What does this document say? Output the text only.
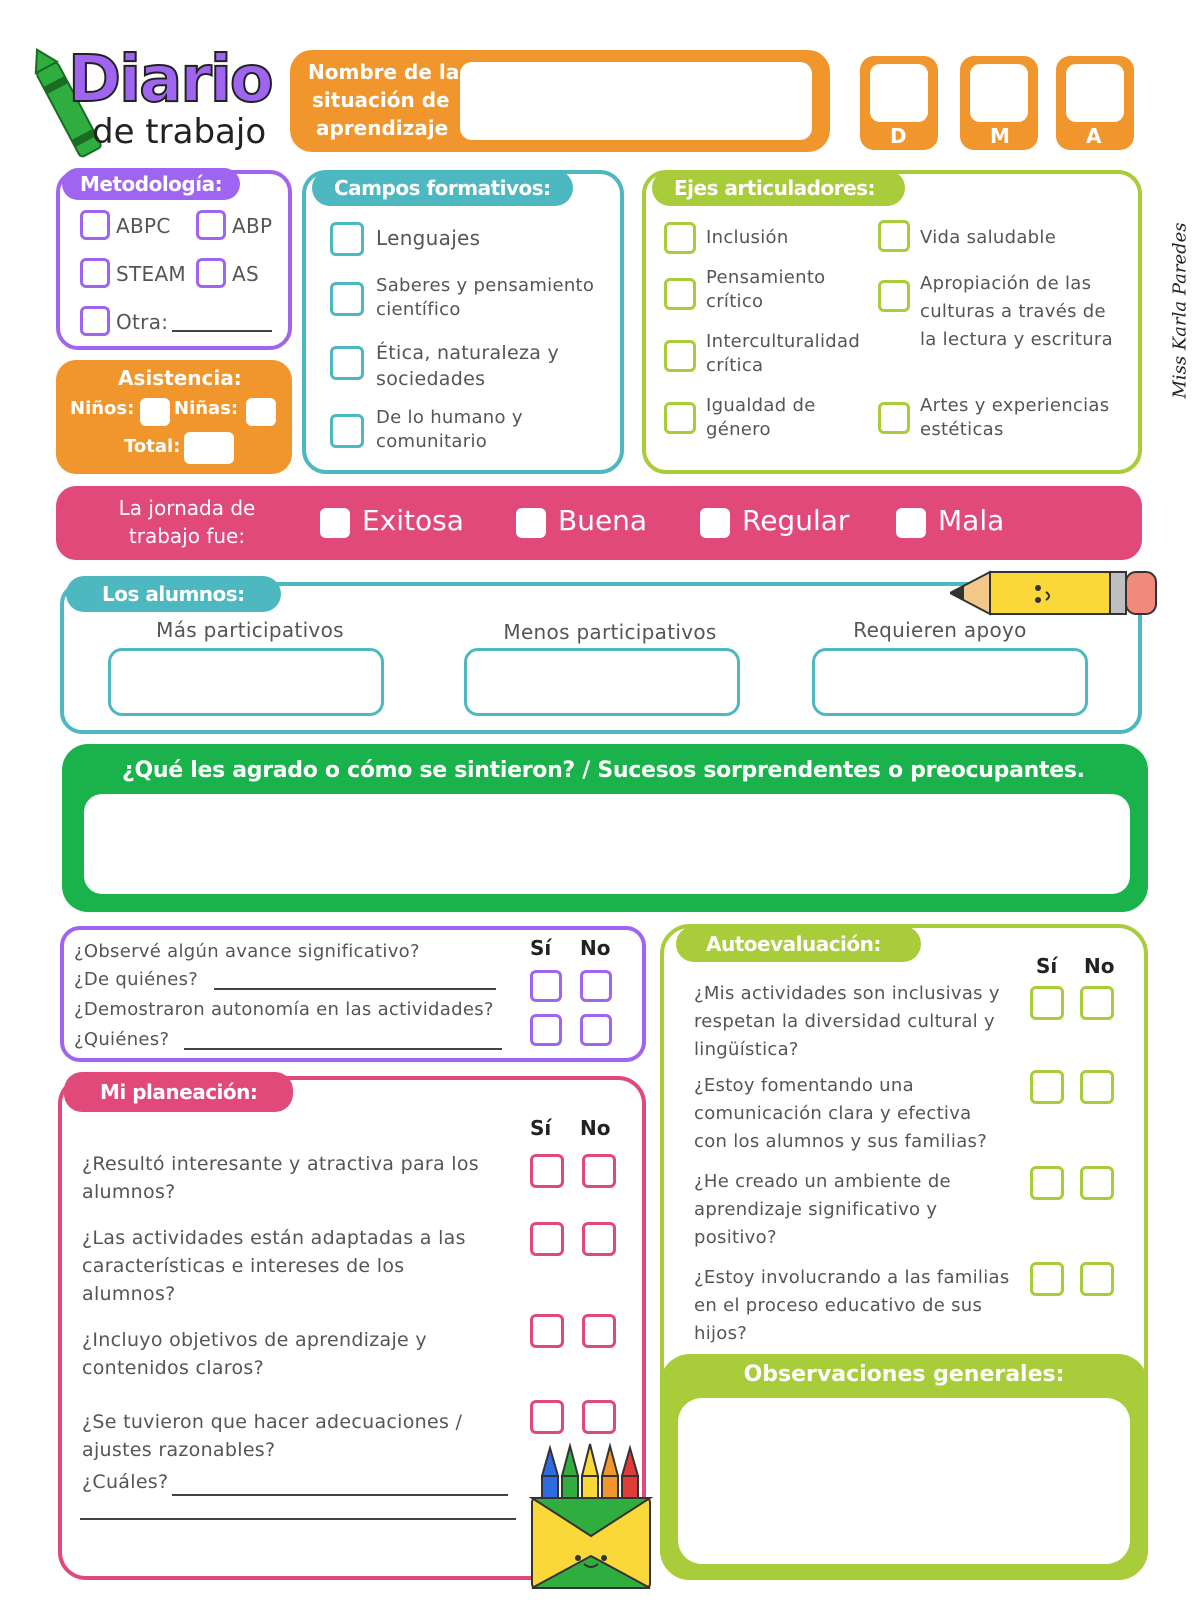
Diario
de trabajo
Nombre de la
situación de
aprendizaje	D	M	A
Metodología:
ABPC	ABP
STEAM AS
Otra:
Asistencia:
Niños: Niñas:
Total:
Campos formativos:
Lenguajes
Saberes y pensamiento científico
Ética, naturaleza y sociedades
De lo humano y comunitario
Ejes articuladores:
Inclusión
Pensamiento crítico
Interculturalidad crítica
Igualdad de género
Vida saludable
Apropiación de las culturas a través de la lectura y escritura
Artes y experiencias estéticas
Miss Karla Paredes
La jornada de trabajo fue:	Exitosa	Buena	Regular	Mala
Los alumnos:
Más participativos	Menos participativos	Requieren apoyo
¿Qué les agrado o cómo se sintieron? / Sucesos sorprendentes o preocupantes.
Sí No
¿Observé algún avance significativo?
¿De quiénes?
¿Demostraron autonomía en las actividades?
¿Quiénes?
Mi planeación:
Sí No
¿Resultó interesante y atractiva para los alumnos?
¿Las actividades están adaptadas a las características e intereses de los alumnos?
¿Incluyo objetivos de aprendizaje y contenidos claros?
¿Se tuvieron que hacer adecuaciones / ajustes razonables?
¿Cuáles?
Autoevaluación:
Sí No
¿Mis actividades son inclusivas y respetan la diversidad cultural y lingüística?
¿Estoy fomentando una comunicación clara y efectiva con los alumnos y sus familias?
¿He creado un ambiente de aprendizaje significativo y positivo?
¿Estoy involucrando a las familias en el proceso educativo de sus hijos?
Observaciones generales:
